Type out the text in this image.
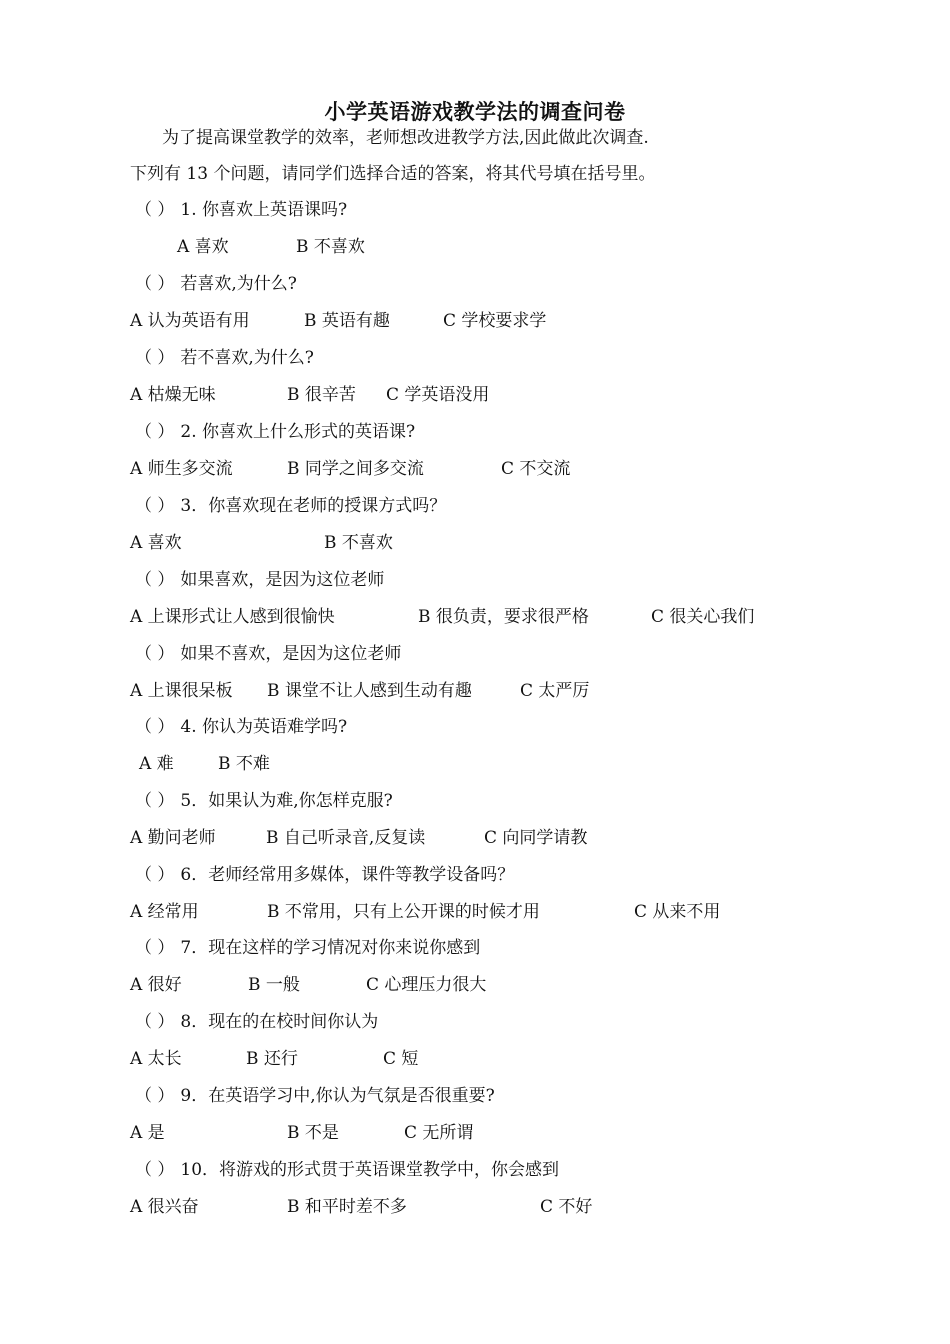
小学英语游戏教学法的调查问卷
为了提高课堂教学的效率，老师想改进教学方法,因此做此次调查.
下列有 13 个问题，请同学们选择合适的答案，将其代号填在括号里。
（ ） 1. 你喜欢上英语课吗?
A 喜欢	B 不喜欢
（ ） 若喜欢,为什么?
A 认为英语有用	B 英语有趣	C 学校要求学
（ ） 若不喜欢,为什么?
A 枯燥无味	B 很辛苦 C 学英语没用
（ ） 2. 你喜欢上什么形式的英语课?
A 师生多交流	B 同学之间多交流	C 不交流
（ ） 3．你喜欢现在老师的授课方式吗？
A 喜欢	B 不喜欢
（ ） 如果喜欢，是因为这位老师
A 上课形式让人感到很愉快	B 很负责，要求很严格	C 很关心我们
（ ） 如果不喜欢，是因为这位老师
A 上课很呆板 B 课堂不让人感到生动有趣	C 太严厉
（ ） 4. 你认为英语难学吗?
A 难	B 不难
（ ） 5．如果认为难,你怎样克服?
A 勤问老师	B 自己听录音,反复读	C 向同学请教
（ ） 6．老师经常用多媒体，课件等教学设备吗？
A 经常用	B 不常用，只有上公开课的时候才用	C 从来不用
（ ） 7．现在这样的学习情况对你来说你感到
A 很好	B 一般	C 心理压力很大
（ ） 8．现在的在校时间你认为
A 太长	B 还行	C 短
（ ） 9．在英语学习中,你认为气氛是否很重要?
A 是	B 不是	C 无所谓
（ ） 10．将游戏的形式贯于英语课堂教学中，你会感到
A 很兴奋	B 和平时差不多	C 不好
